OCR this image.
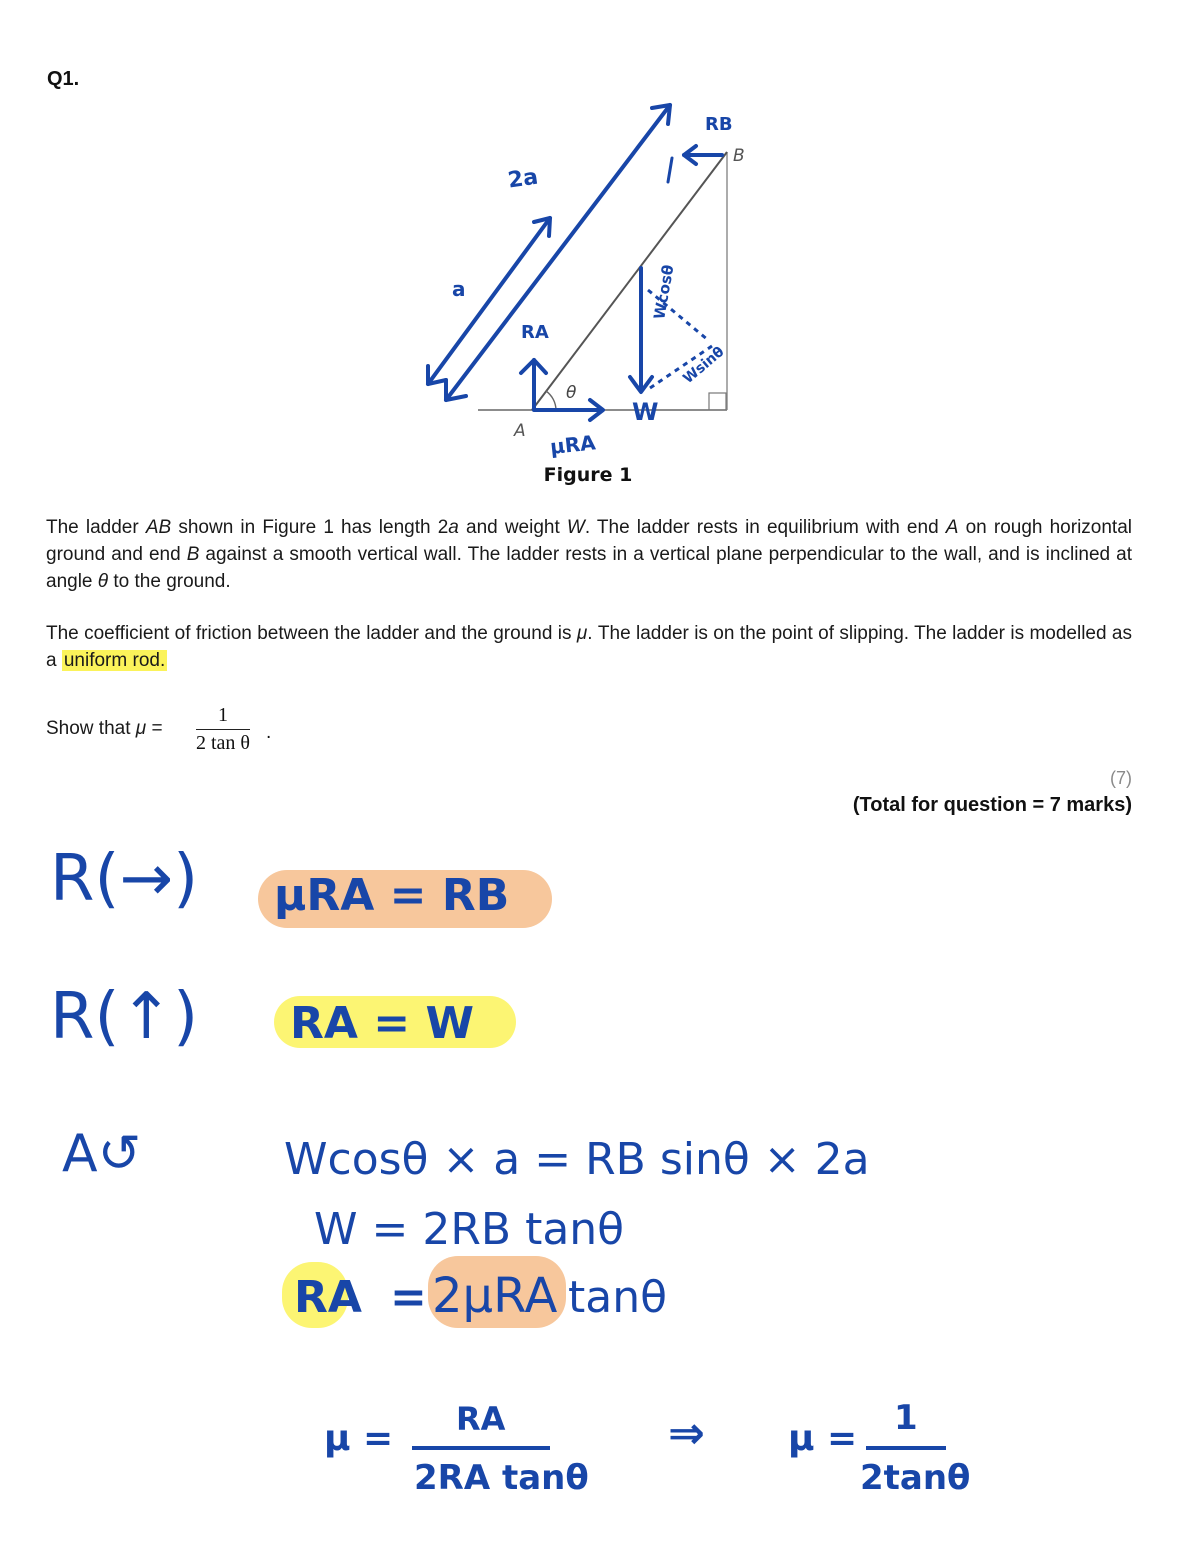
Q1.
θ
A
B
2a
a
RA
RB
W
μRA
Wcosθ
Wsinθ
Figure 1
The ladder AB shown in Figure 1 has length 2a and weight W. The ladder rests in equilibrium with end A on rough horizontal ground and end B against a smooth vertical wall. The ladder rests in a vertical plane perpendicular to the wall, and is inclined at angle θ to the ground.
The coefficient of friction between the ladder and the ground is μ. The ladder is on the point of slipping. The ladder is modelled as a uniform rod.
Show that $\mu = \frac{1}{\text{2 tan θ}}$ .
(7)
(Total for question = 7 marks)
R(→) μRA = RB
R(↑) RA = W
A↺	Wcosθ × a = RB sinθ × 2a
W = 2RB tanθ
RA = 2μRA tanθ
μ = RA
2RA tanθ
⇒ μ = 1
2tanθ
